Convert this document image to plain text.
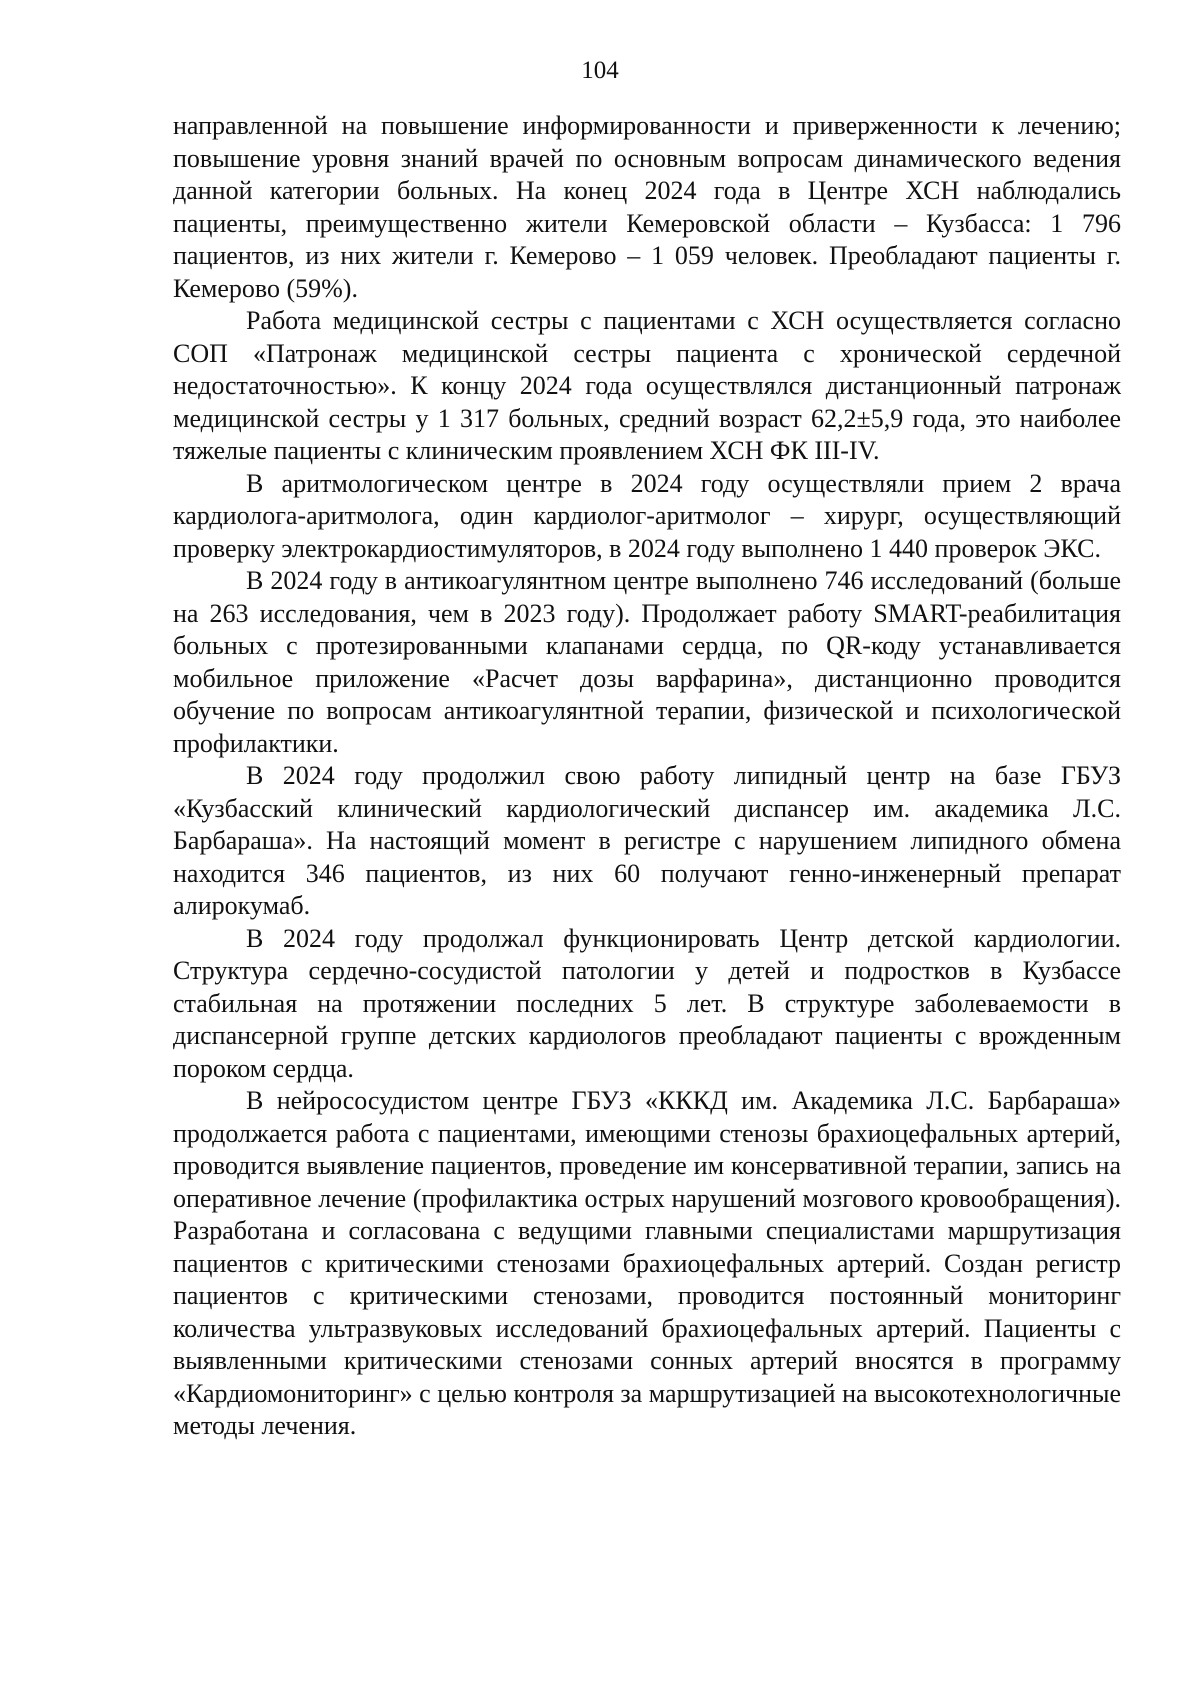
104

направленной на повышение информированности и приверженности к лечению; повышение уровня знаний врачей по основным вопросам динамического ведения данной категории больных. На конец 2024 года в Центре ХСН наблюдались пациенты, преимущественно жители Кемеровской области – Кузбасса: 1 796 пациентов, из них жители г. Кемерово – 1 059 человек. Преобладают пациенты г. Кемерово (59%).

Работа медицинской сестры с пациентами с ХСН осуществляется согласно СОП «Патронаж медицинской сестры пациента с хронической сердечной недостаточностью». К концу 2024 года осуществлялся дистанционный патронаж медицинской сестры у 1 317 больных, средний возраст 62,2±5,9 года, это наиболее тяжелые пациенты с клиническим проявлением ХСН ФК III-IV.

В аритмологическом центре в 2024 году осуществляли прием 2 врача кардиолога-аритмолога, один кардиолог-аритмолог – хирург, осуществляющий проверку электрокардиостимуляторов, в 2024 году выполнено 1 440 проверок ЭКС.

В 2024 году в антикоагулянтном центре выполнено 746 исследований (больше на 263 исследования, чем в 2023 году). Продолжает работу SMART-реабилитация больных с протезированными клапанами сердца, по QR-коду устанавливается мобильное приложение «Расчет дозы варфарина», дистанционно проводится обучение по вопросам антикоагулянтной терапии, физической и психологической профилактики.

В 2024 году продолжил свою работу липидный центр на базе ГБУЗ «Кузбасский клинический кардиологический диспансер им. академика Л.С. Барбараша». На настоящий момент в регистре с нарушением липидного обмена находится 346 пациентов, из них 60 получают генно-инженерный препарат алирокумаб.

В 2024 году продолжал функционировать Центр детской кардиологии. Структура сердечно-сосудистой патологии у детей и подростков в Кузбассе стабильная на протяжении последних 5 лет. В структуре заболеваемости в диспансерной группе детских кардиологов преобладают пациенты с врожденным пороком сердца.

В нейрососудистом центре ГБУЗ «КККД им. Академика Л.С. Барбараша» продолжается работа с пациентами, имеющими стенозы брахиоцефальных артерий, проводится выявление пациентов, проведение им консервативной терапии, запись на оперативное лечение (профилактика острых нарушений мозгового кровообращения). Разработана и согласована с ведущими главными специалистами маршрутизация пациентов с критическими стенозами брахиоцефальных артерий. Создан регистр пациентов с критическими стенозами, проводится постоянный мониторинг количества ультразвуковых исследований брахиоцефальных артерий. Пациенты с выявленными критическими стенозами сонных артерий вносятся в программу «Кардиомониторинг» с целью контроля за маршрутизацией на высокотехнологичные методы лечения.
